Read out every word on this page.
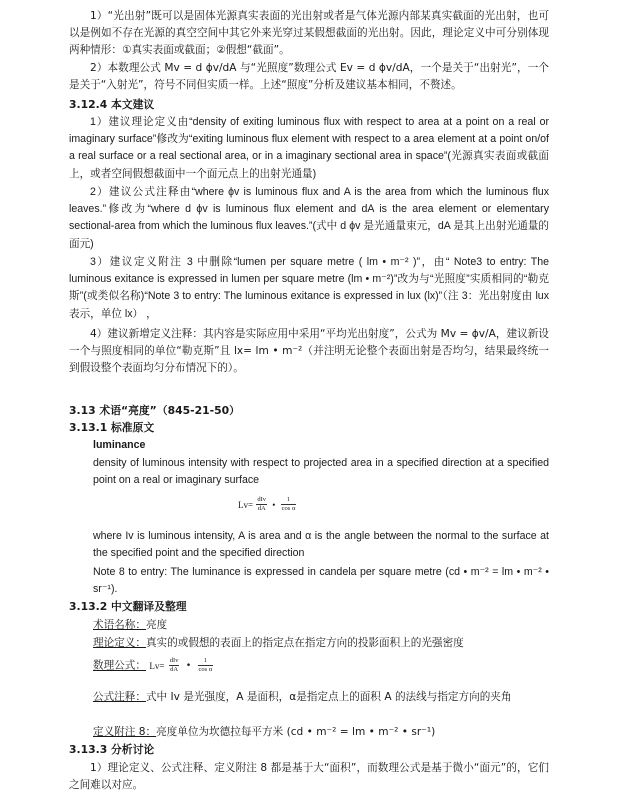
1）“光出射”既可以是固体光源真实表面的光出射或者是气体光源内部某真实截面的光出射，也可以是例如不存在光源的真空空间中其它外来光穿过某假想截面的光出射。因此，理论定义中可分别体现两种情形：①真实表面或截面；②假想“截面”。

2）本数理公式 Mv = d ϕv/dA 与“光照度”数理公式 Ev = d ϕv/dA，一个是关于“出射光”，一个是关于“入射光”，符号不同但实质一样。上述“照度”分析及建议基本相同，不赘述。

3.12.4 本文建议

1）建议理论定义由“density of exiting luminous flux with respect to area at a point on a real or imaginary surface”修改为“exiting luminous flux element with respect to a area element at a point on/of a real surface or a real sectional area, or in a imaginary sectional area in space”(光源真实表面或截面上，或者空间假想截面中一个面元点上的出射光通量)

2）建议公式注释由“where ϕv is luminous flux and A is the area from which the luminous flux leaves.”修改为“where d ϕv is luminous flux element and dA is the area element or elementary sectional-area from which the luminous flux leaves.”(式中 d ϕv 是光通量束元，dA 是其上出射光通量的面元)

3）建议定义附注 3 中删除“lumen per square metre ( lm • m⁻² )”，由“ Note3 to entry: The luminous exitance is expressed in lumen per square metre (lm • m⁻²)”改为与“光照度”实质相同的“勒克斯”(或类似名称)“Note 3 to entry: The luminous exitance is expressed in lux (lx)”（注 3：光出射度由 lux 表示，单位 lx） ，

4）建议新增定义注释：其内容是实际应用中采用“平均光出射度”，公式为 Mv = ϕv/A，建议新设一个与照度相同的单位“勒克斯”且 lx= lm • m⁻²（并注明无论整个表面出射是否均匀，结果最终统一到假设整个表面均匀分布情况下的）。

3.13 术语“亮度”（845-21-50）

3.13.1 标准原文

luminance

density of luminous intensity with respect to projected area in a specified direction at a specified point on a real or imaginary surface

$Lv= \frac{\text{dIv}}{dA}$ • $\frac{1}{\text{cos α}}$

where Iv is luminous intensity, A is area and α is the angle between the normal to the surface at the specified point and the specified direction

Note 8 to entry: The luminance is expressed in candela per square metre (cd • m⁻² = lm • m⁻² • sr⁻¹).

3.13.2 中文翻译及整理

术语名称：亮度

理论定义：真实的或假想的表面上的指定点在指定方向的投影面积上的光强密度

数理公式： $Lv= \frac{\text{dIv}}{dA}$ • $\frac{1}{\text{cos α}}$

公式注释：式中 Iv 是光强度，A 是面积，α是指定点上的面积 A 的法线与指定方向的夹角

定义附注 8：亮度单位为坎德拉每平方米 (cd • m⁻² = lm • m⁻² • sr⁻¹)

3.13.3 分析讨论

1）理论定义、公式注释、定义附注 8 都是基于大“面积”，而数理公式是基于微小“面元”的，它们之间难以对应。
